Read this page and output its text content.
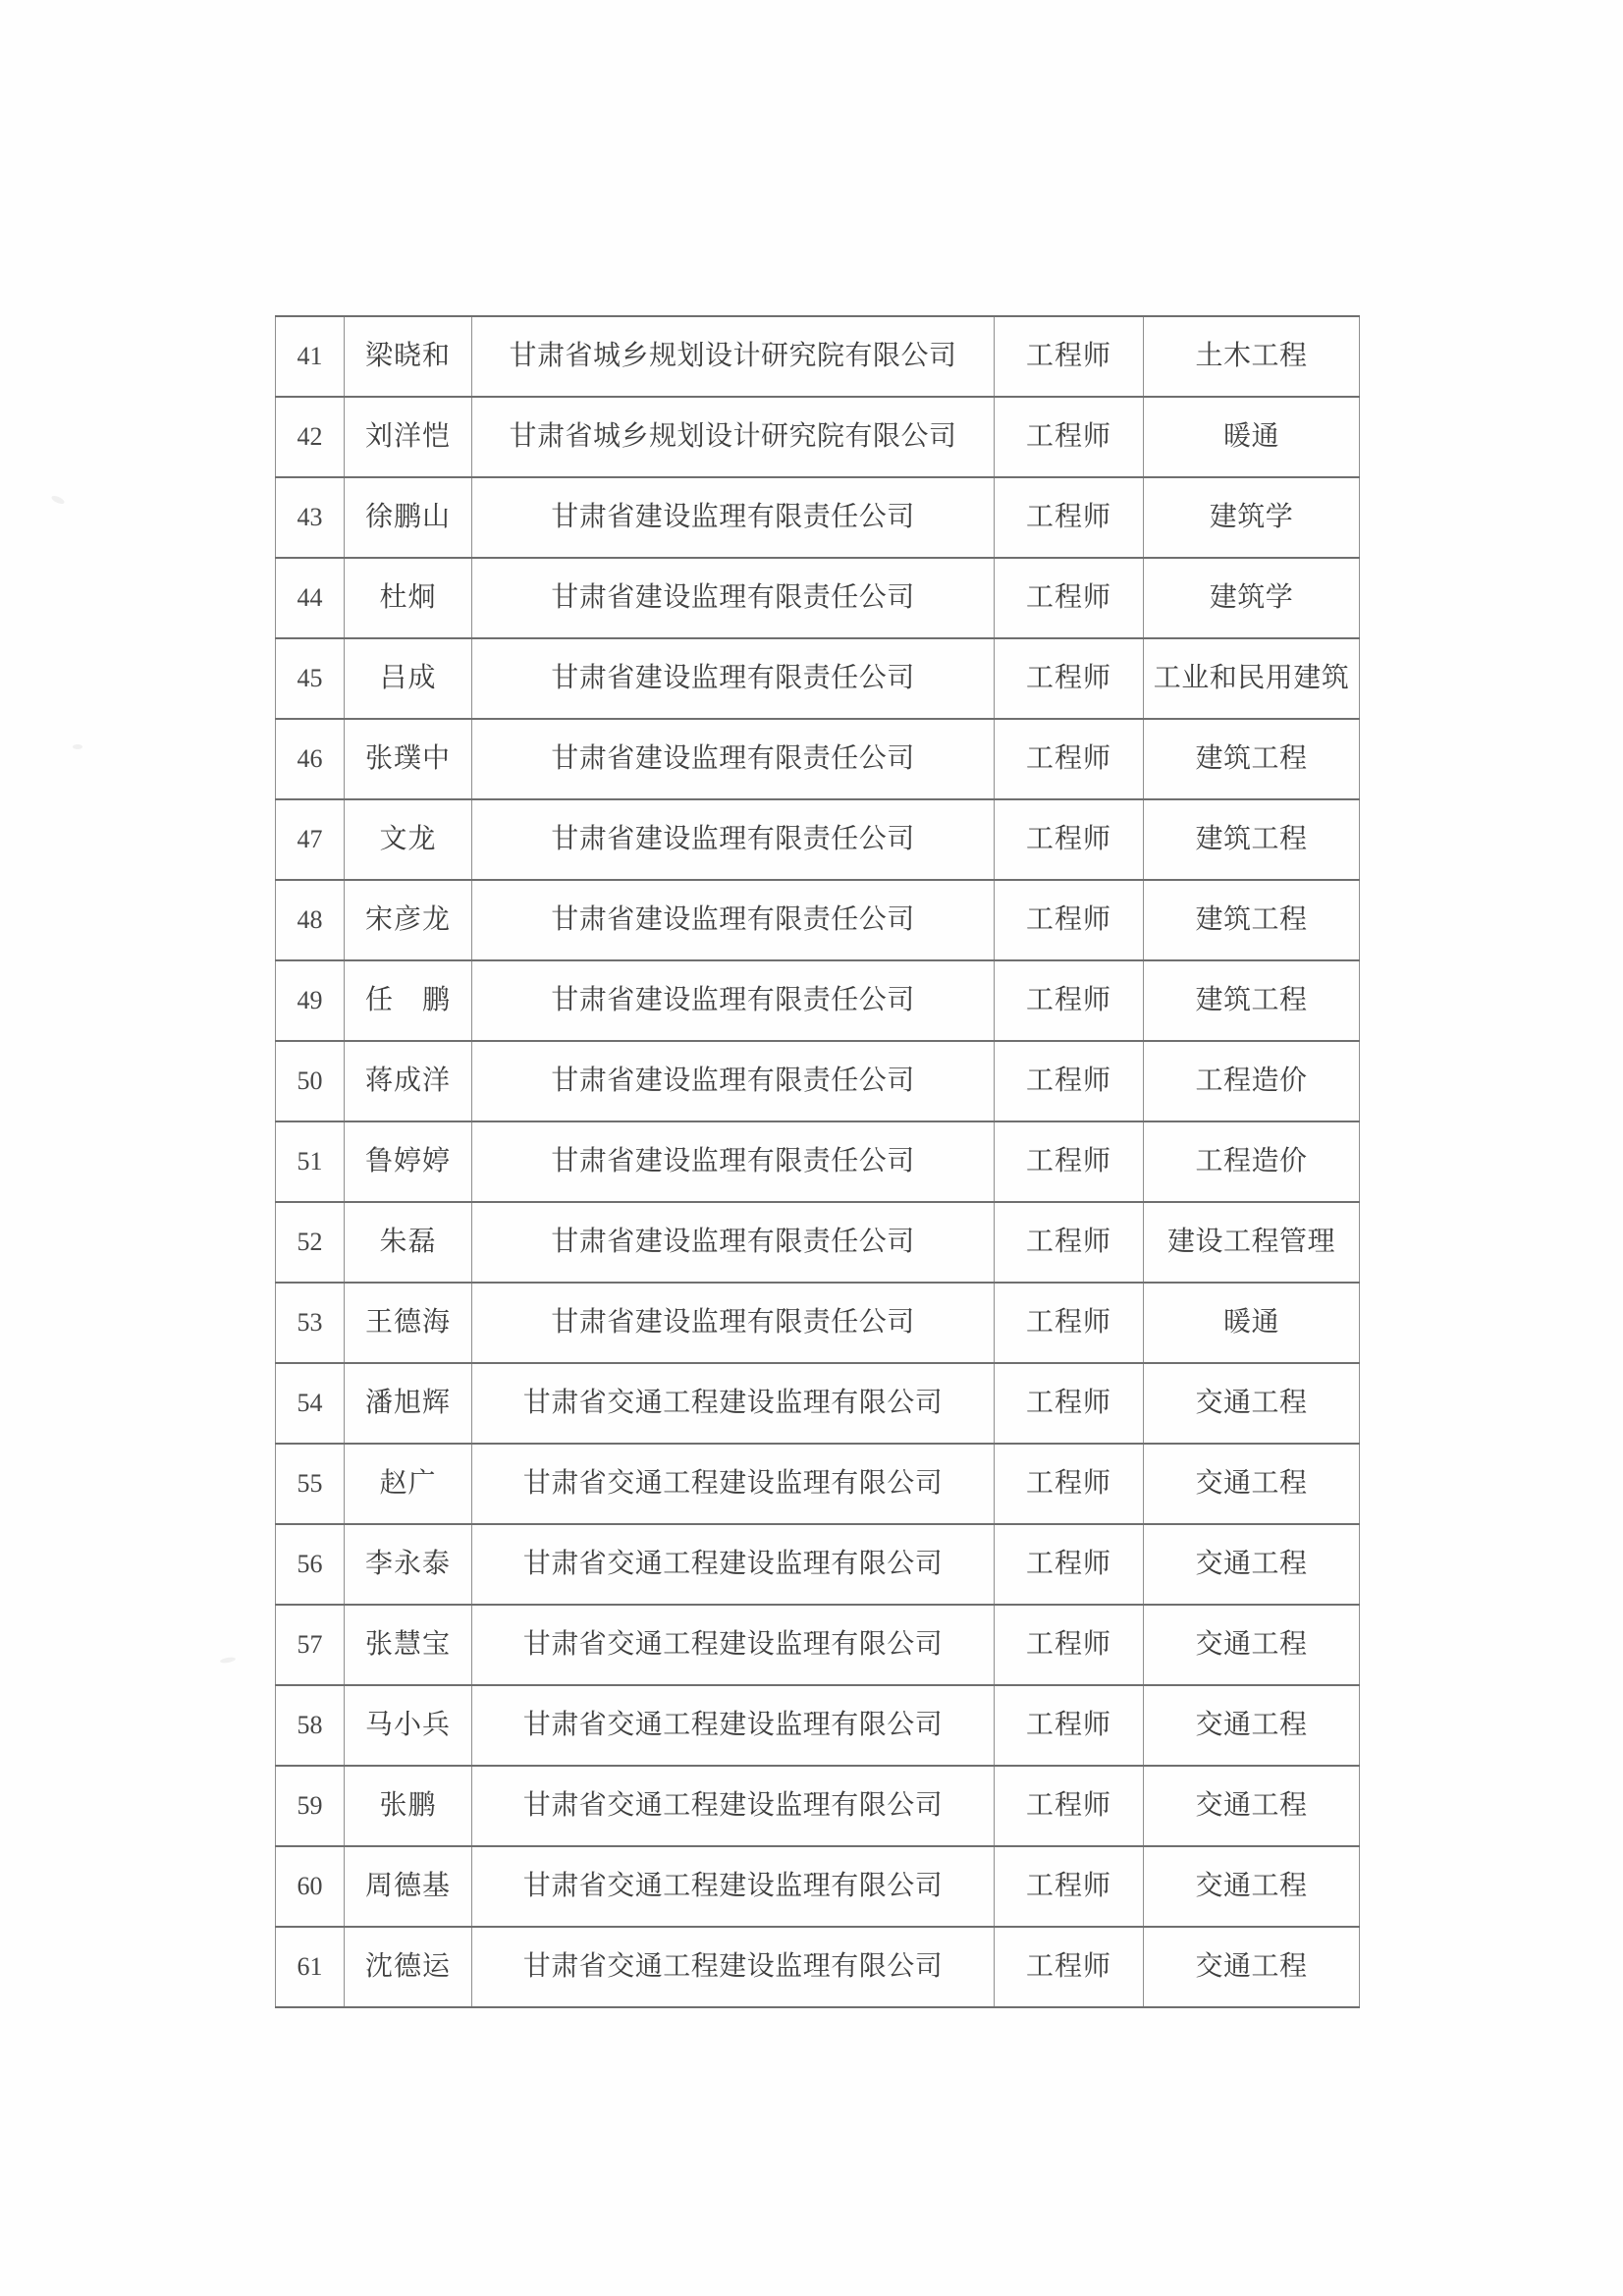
41	梁晓和	甘肃省城乡规划设计研究院有限公司	工程师	土木工程
42	刘洋恺	甘肃省城乡规划设计研究院有限公司	工程师	暖通
43	徐鹏山	甘肃省建设监理有限责任公司	工程师	建筑学
44	杜炯	甘肃省建设监理有限责任公司	工程师	建筑学
45	吕成	甘肃省建设监理有限责任公司	工程师	工业和民用建筑
46	张璞中	甘肃省建设监理有限责任公司	工程师	建筑工程
47	文龙	甘肃省建设监理有限责任公司	工程师	建筑工程
48	宋彦龙	甘肃省建设监理有限责任公司	工程师	建筑工程
49	任　鹏	甘肃省建设监理有限责任公司	工程师	建筑工程
50	蒋成洋	甘肃省建设监理有限责任公司	工程师	工程造价
51	鲁婷婷	甘肃省建设监理有限责任公司	工程师	工程造价
52	朱磊	甘肃省建设监理有限责任公司	工程师	建设工程管理
53	王德海	甘肃省建设监理有限责任公司	工程师	暖通
54	潘旭辉	甘肃省交通工程建设监理有限公司	工程师	交通工程
55	赵广	甘肃省交通工程建设监理有限公司	工程师	交通工程
56	李永泰	甘肃省交通工程建设监理有限公司	工程师	交通工程
57	张慧宝	甘肃省交通工程建设监理有限公司	工程师	交通工程
58	马小兵	甘肃省交通工程建设监理有限公司	工程师	交通工程
59	张鹏	甘肃省交通工程建设监理有限公司	工程师	交通工程
60	周德基	甘肃省交通工程建设监理有限公司	工程师	交通工程
61	沈德运	甘肃省交通工程建设监理有限公司	工程师	交通工程
